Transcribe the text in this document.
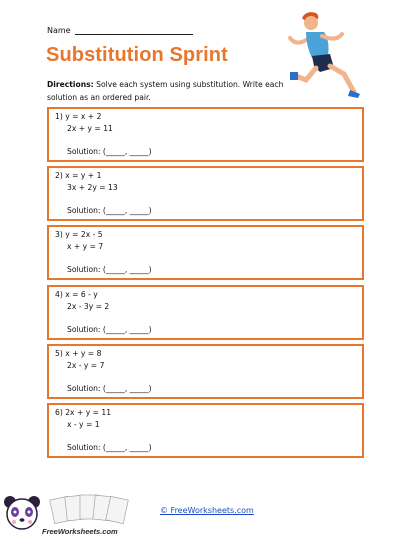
Name
Substitution Sprint
Directions: Solve each system using substitution. Write each solution as an ordered pair.
1) y = x + 2
2x + y = 11
Solution: (_____, _____)
2) x = y + 1
3x + 2y = 13
Solution: (_____, _____)
3) y = 2x - 5
x + y = 7
Solution: (_____, _____)
4) x = 6 - y
2x - 3y = 2
Solution: (_____, _____)
5) x + y = 8
2x - y = 7
Solution: (_____, _____)
6) 2x + y = 11
x - y = 1
Solution: (_____, _____)
FreeWorksheets.com
© FreeWorksheets.com
